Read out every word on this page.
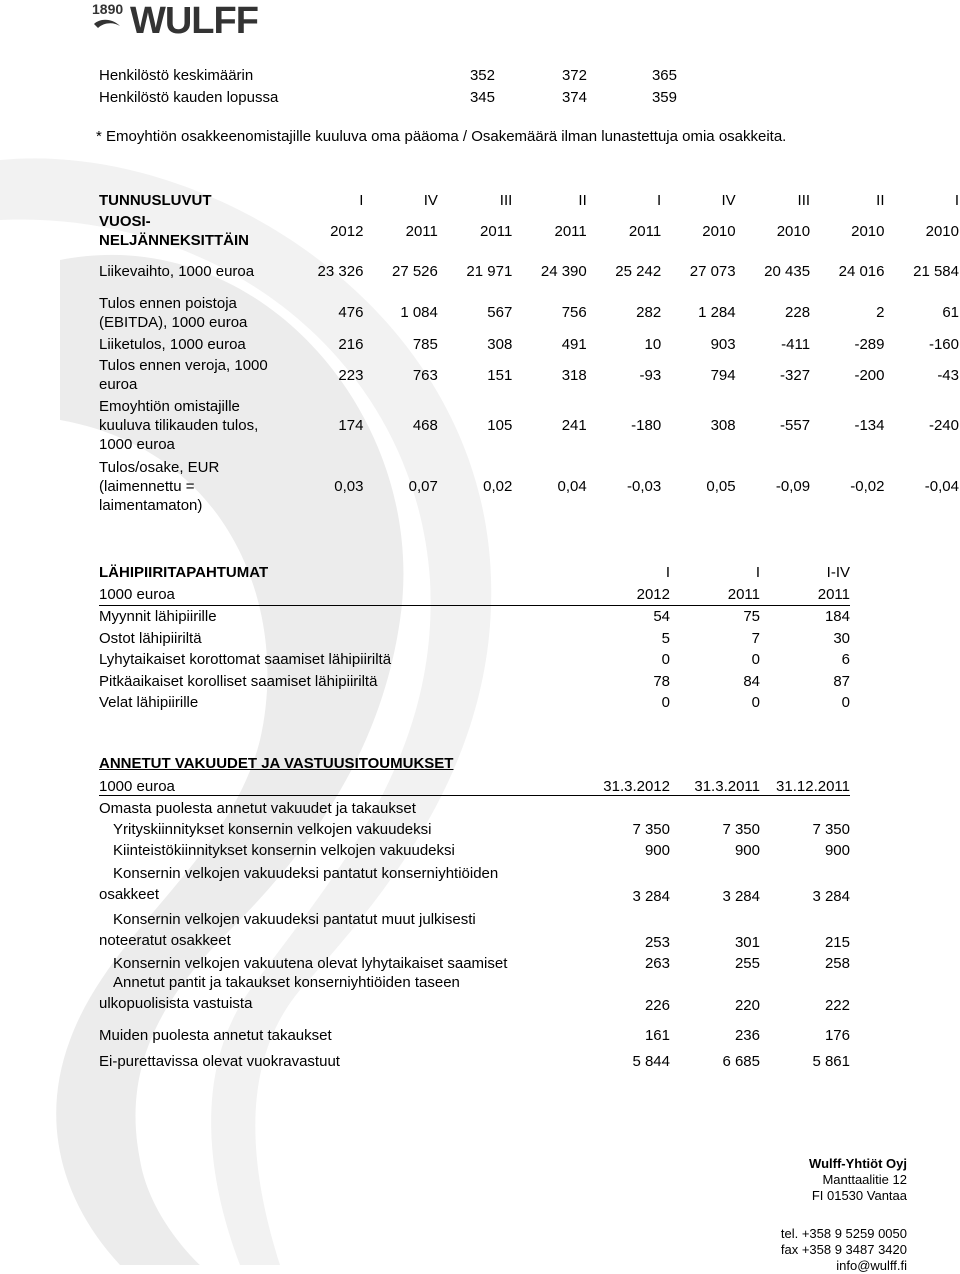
1890 WULFF
Henkilöstö keskimäärin	352	372	365
Henkilöstö kauden lopussa	345	374	359
* Emoyhtiön osakkeenomistajille kuuluva oma pääoma / Osakemäärä ilman lunastettuja omia osakkeita.
TUNNUSLUVUT	I	IV	III	II	I	IV	III	II	I
VUOSI-NELJÄNNEKSITTÄIN	2012	2011	2011	2011	2011	2010	2010	2010	2010
Liikevaihto, 1000 euroa	23 326	27 526	21 971	24 390	25 242	27 073	20 435	24 016	21 584
Tulos ennen poistoja (EBITDA), 1000 euroa	476	1 084	567	756	282	1 284	228	2	61
Liiketulos, 1000 euroa	216	785	308	491	10	903	-411	-289	-160
Tulos ennen veroja, 1000 euroa	223	763	151	318	-93	794	-327	-200	-43
Emoyhtiön omistajille kuuluva tilikauden tulos, 1000 euroa	174	468	105	241	-180	308	-557	-134	-240
Tulos/osake, EUR (laimennettu = laimentamaton)	0,03	0,07	0,02	0,04	-0,03	0,05	-0,09	-0,02	-0,04
LÄHIPIIRITAPAHTUMAT	I	I	I-IV
1000 euroa	2012	2011	2011
Myynnit lähipiirille	54	75	184
Ostot lähipiiriltä	5	7	30
Lyhytaikaiset korottomat saamiset lähipiiriltä	0	0	6
Pitkäaikaiset korolliset saamiset lähipiiriltä	78	84	87
Velat lähipiirille	0	0	0
ANNETUT VAKUUDET JA VASTUUSITOUMUKSET			
1000 euroa	31.3.2012	31.3.2011	31.12.2011
Omasta puolesta annetut vakuudet ja takaukset			
Yrityskiinnitykset konsernin velkojen vakuudeksi	7 350	7 350	7 350
Kiinteistökiinnitykset konsernin velkojen vakuudeksi	900	900	900

Konsernin velkojen vakuudeksi pantatut konserniyhtiöiden
osakkeet	3 284	3 284	3 284

Konsernin velkojen vakuudeksi pantatut muut julkisesti
noteeratut osakkeet	253	301	215
Konsernin velkojen vakuutena olevat lyhytaikaiset saamiset	263	255	258

Annetut pantit ja takaukset konserniyhtiöiden taseen
ulkopuolisista vastuista	226	220	222
Muiden puolesta annetut takaukset	161	236	176
Ei-purettavissa olevat vuokravastuut	5 844	6 685	5 861
Wulff-Yhtiöt Oyj
Manttaalitie 12
FI 01530 Vantaa
tel. +358 9 5259 0050
fax +358 9 3487 3420
info@wulff.fi
